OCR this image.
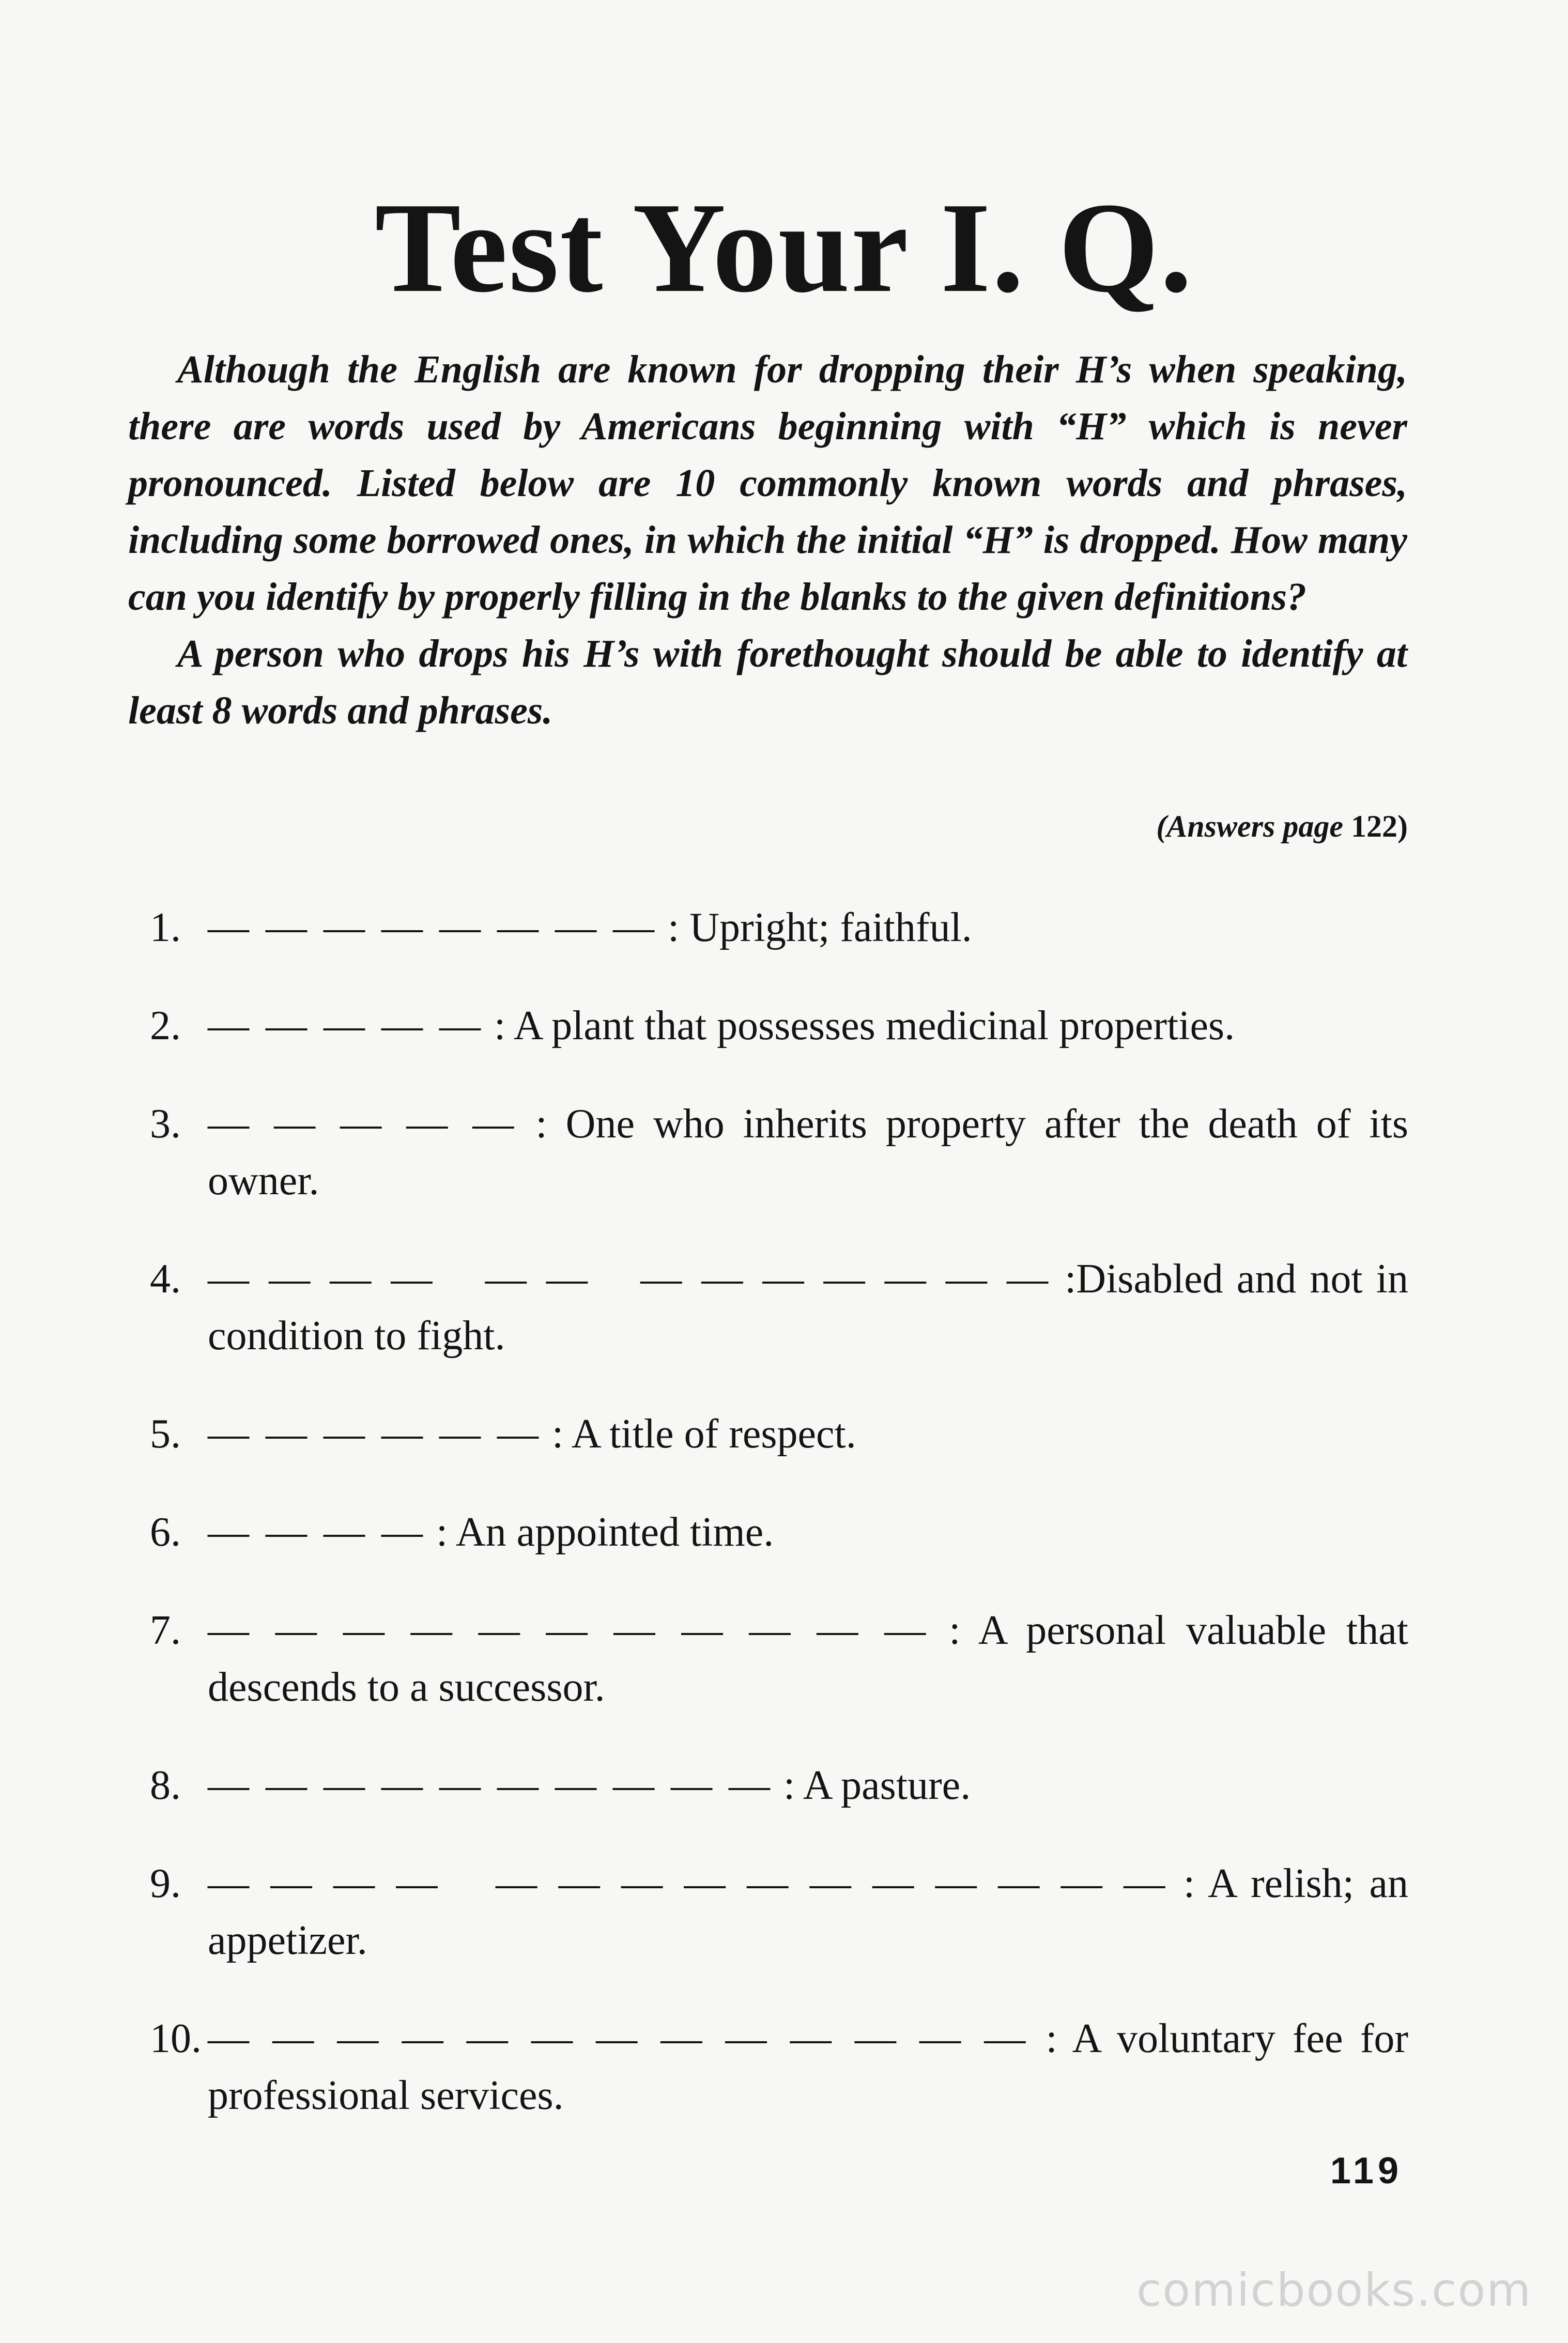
Test Your I. Q.

Although the English are known for dropping their H’s when speaking, there are words used by Americans beginning with “H” which is never pronounced. Listed below are 10 commonly known words and phrases, including some borrowed ones, in which the initial “H” is dropped. How many can you identify by properly filling in the blanks to the given definitions?

A person who drops his H’s with forethought should be able to identify at least 8 words and phrases.

(Answers page 122)
1. — — — — — — — — : Upright; faithful.
2. — — — — — : A plant that possesses medicinal properties.
3. — — — — — : One who inherits property after the death of its owner.
4. — — — —   — —   — — — — — — — :Disabled and not in condition to fight.
5. — — — — — — : A title of respect.
6. — — — — : An appointed time.
7. — — — — — — — — — — — : A personal valuable that descends to a successor.
8. — — — — — — — — — — : A pasture.
9. — — — —   — — — — — — — — — — — : A relish; an appetizer.
10. — — — — — — — — — — — — — : A voluntary fee for professional services.
119
comicbooks.com
